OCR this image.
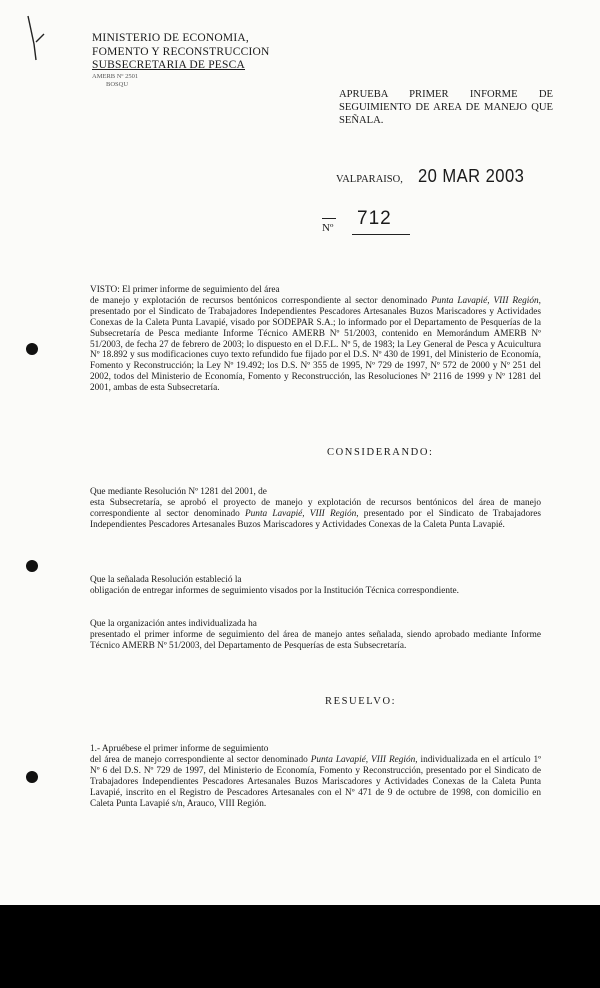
MINISTERIO DE ECONOMIA,
FOMENTO Y RECONSTRUCCION
SUBSECRETARIA DE PESCA
AMERB Nº 2501
BOSQU
APRUEBA PRIMER INFORME DE SEGUIMIENTO DE AREA DE MANEJO QUE SEÑALA.
VALPARAISO, 20 MAR 2003
Nº 712
VISTO: El primer informe de seguimiento del área
de manejo y explotación de recursos bentónicos correspondiente al sector denominado Punta Lavapié, VIII Región, presentado por el Sindicato de Trabajadores Independientes Pescadores Artesanales Buzos Mariscadores y Actividades Conexas de la Caleta Punta Lavapié, visado por SODEPAR S.A.; lo informado por el Departamento de Pesquerías de la Subsecretaría de Pesca mediante Informe Técnico AMERB Nº 51/2003, contenido en Memorándum AMERB Nº 51/2003, de fecha 27 de febrero de 2003; lo dispuesto en el D.F.L. Nº 5, de 1983; la Ley General de Pesca y Acuicultura Nº 18.892 y sus modificaciones cuyo texto refundido fue fijado por el D.S. Nº 430 de 1991, del Ministerio de Economía, Fomento y Reconstrucción; la Ley Nº 19.492; los D.S. Nº 355 de 1995, Nº 729 de 1997, Nº 572 de 2000 y Nº 251 del 2002, todos del Ministerio de Economía, Fomento y Reconstrucción, las Resoluciones Nº 2116 de 1999 y Nº 1281 del 2001, ambas de esta Subsecretaría.
CONSIDERANDO:
Que mediante Resolución Nº 1281 del 2001, de
esta Subsecretaría, se aprobó el proyecto de manejo y explotación de recursos bentónicos del área de manejo correspondiente al sector denominado Punta Lavapié, VIII Región, presentado por el Sindicato de Trabajadores Independientes Pescadores Artesanales Buzos Mariscadores y Actividades Conexas de la Caleta Punta Lavapié.
Que la señalada Resolución estableció la
obligación de entregar informes de seguimiento visados por la Institución Técnica correspondiente.
Que la organización antes individualizada ha
presentado el primer informe de seguimiento del área de manejo antes señalada, siendo aprobado mediante Informe Técnico AMERB Nº 51/2003, del Departamento de Pesquerías de esta Subsecretaría.
RESUELVO:
1.- Apruébese el primer informe de seguimiento
del área de manejo correspondiente al sector denominado Punta Lavapié, VIII Región, individualizada en el artículo 1º Nº 6 del D.S. Nº 729 de 1997, del Ministerio de Economía, Fomento y Reconstrucción, presentado por el Sindicato de Trabajadores Independientes Pescadores Artesanales Buzos Mariscadores y Actividades Conexas de la Caleta Punta Lavapié, inscrito en el Registro de Pescadores Artesanales con el Nº 471 de 9 de octubre de 1998, con domicilio en Caleta Punta Lavapié s/n, Arauco, VIII Región.
